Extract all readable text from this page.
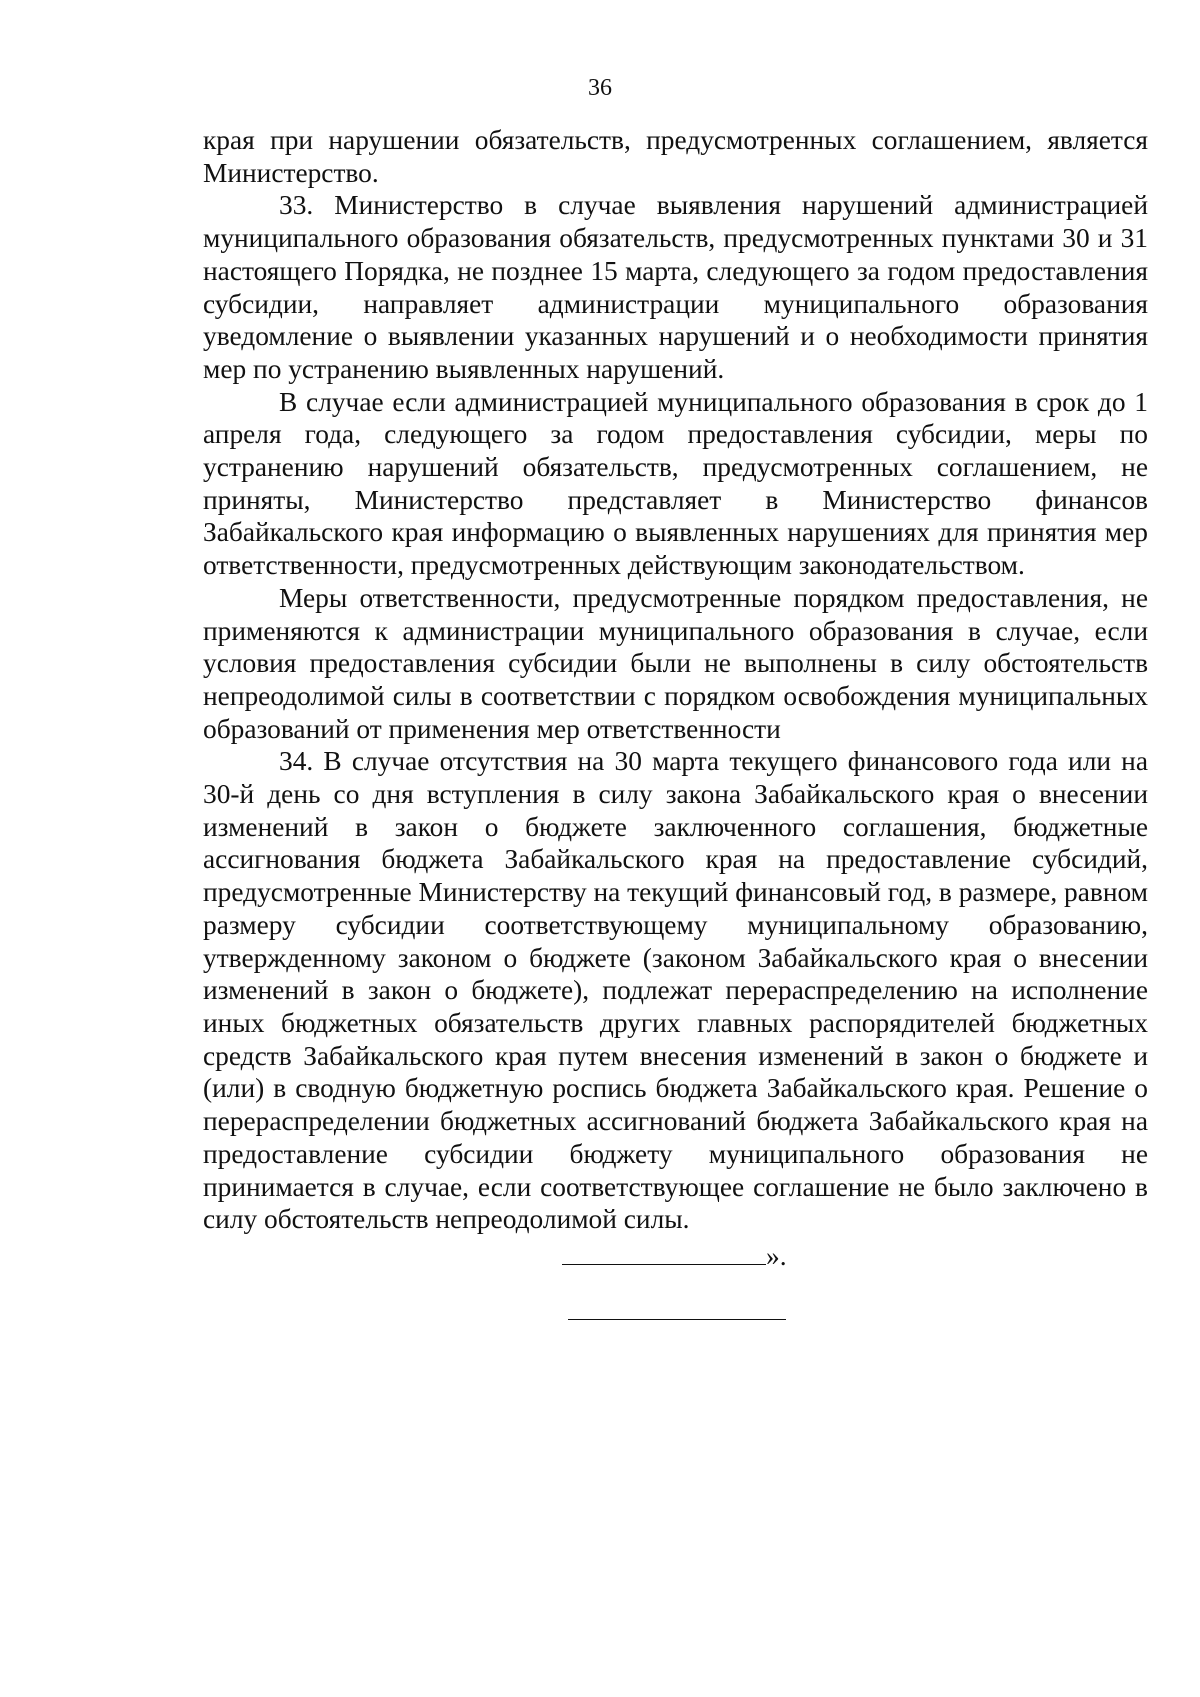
36

края при нарушении обязательств, предусмотренных соглашением, является Министерство.

33. Министерство в случае выявления нарушений администрацией муниципального образования обязательств, предусмотренных пунктами 30 и 31 настоящего Порядка, не позднее 15 марта, следующего за годом предоставления субсидии, направляет администрации муниципального образования уведомление о выявлении указанных нарушений и о необходимости принятия мер по устранению выявленных нарушений.

В случае если администрацией муниципального образования в срок до 1 апреля года, следующего за годом предоставления субсидии, меры по устранению нарушений обязательств, предусмотренных соглашением, не приняты, Министерство представляет в Министерство финансов Забайкальского края информацию о выявленных нарушениях для принятия мер ответственности, предусмотренных действующим законодательством.

Меры ответственности, предусмотренные порядком предоставления, не применяются к администрации муниципального образования в случае, если условия предоставления субсидии были не выполнены в силу обстоятельств непреодолимой силы в соответствии с порядком освобождения муниципальных образований от применения мер ответственности

34. В случае отсутствия на 30 марта текущего финансового года или на 30-й день со дня вступления в силу закона Забайкальского края о внесении изменений в закон о бюджете заключенного соглашения, бюджетные ассигнования бюджета Забайкальского края на предоставление субсидий, предусмотренные Министерству на текущий финансовый год, в размере, равном размеру субсидии соответствующему муниципальному образованию, утвержденному законом о бюджете (законом Забайкальского края о внесении изменений в закон о бюджете), подлежат перераспределению на исполнение иных бюджетных обязательств других главных распорядителей бюджетных средств Забайкальского края путем внесения изменений в закон о бюджете и (или) в сводную бюджетную роспись бюджета Забайкальского края. Решение о перераспределении бюджетных ассигнований бюджета Забайкальского края на предоставление субсидии бюджету муниципального образования не принимается в случае, если соответствующее соглашение не было заключено в силу обстоятельств непреодолимой силы.

».
